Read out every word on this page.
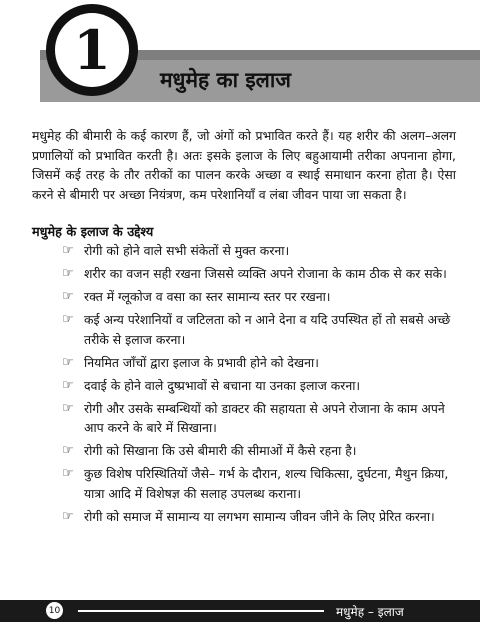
1	मधुमेह का इलाज

मधुमेह की बीमारी के कई कारण हैं, जो अंगों को प्रभावित करते हैं। यह शरीर की अलग–अलग प्रणालियों को प्रभावित करती है। अतः इसके इलाज के लिए बहुआयामी तरीका अपनाना होगा, जिसमें कई तरह के तौर तरीकों का पालन करके अच्छा व स्थाई समाधान करना होता है। ऐसा करने से बीमारी पर अच्छा नियंत्रण, कम परेशानियाँ व लंबा जीवन पाया जा सकता है।

मधुमेह के इलाज के उद्देश्य
☞ रोगी को होने वाले सभी संकेतों से मुक्त करना।
☞ शरीर का वजन सही रखना जिससे व्यक्ति अपने रोजाना के काम ठीक से कर सके।
☞ रक्त में ग्लूकोज व वसा का स्तर सामान्य स्तर पर रखना।
☞ कई अन्य परेशानियों व जटिलता को न आने देना व यदि उपस्थित हों तो सबसे अच्छे तरीके से इलाज करना।
☞ नियमित जाँचों द्वारा इलाज के प्रभावी होने को देखना।
☞ दवाई के होने वाले दुष्प्रभावों से बचाना या उनका इलाज करना।
☞ रोगी और उसके सम्बन्धियों को डाक्टर की सहायता से अपने रोजाना के काम अपने आप करने के बारे में सिखाना।
☞ रोगी को सिखाना कि उसे बीमारी की सीमाओं में कैसे रहना है।
☞ कुछ विशेष परिस्थितियों जैसे– गर्भ के दौरान, शल्य चिकित्सा, दुर्घटना, मैथुन क्रिया, यात्रा आदि में विशेषज्ञ की सलाह उपलब्ध कराना।
☞ रोगी को समाज में सामान्य या लगभग सामान्य जीवन जीने के लिए प्रेरित करना।
10	मधुमेह – इलाज
